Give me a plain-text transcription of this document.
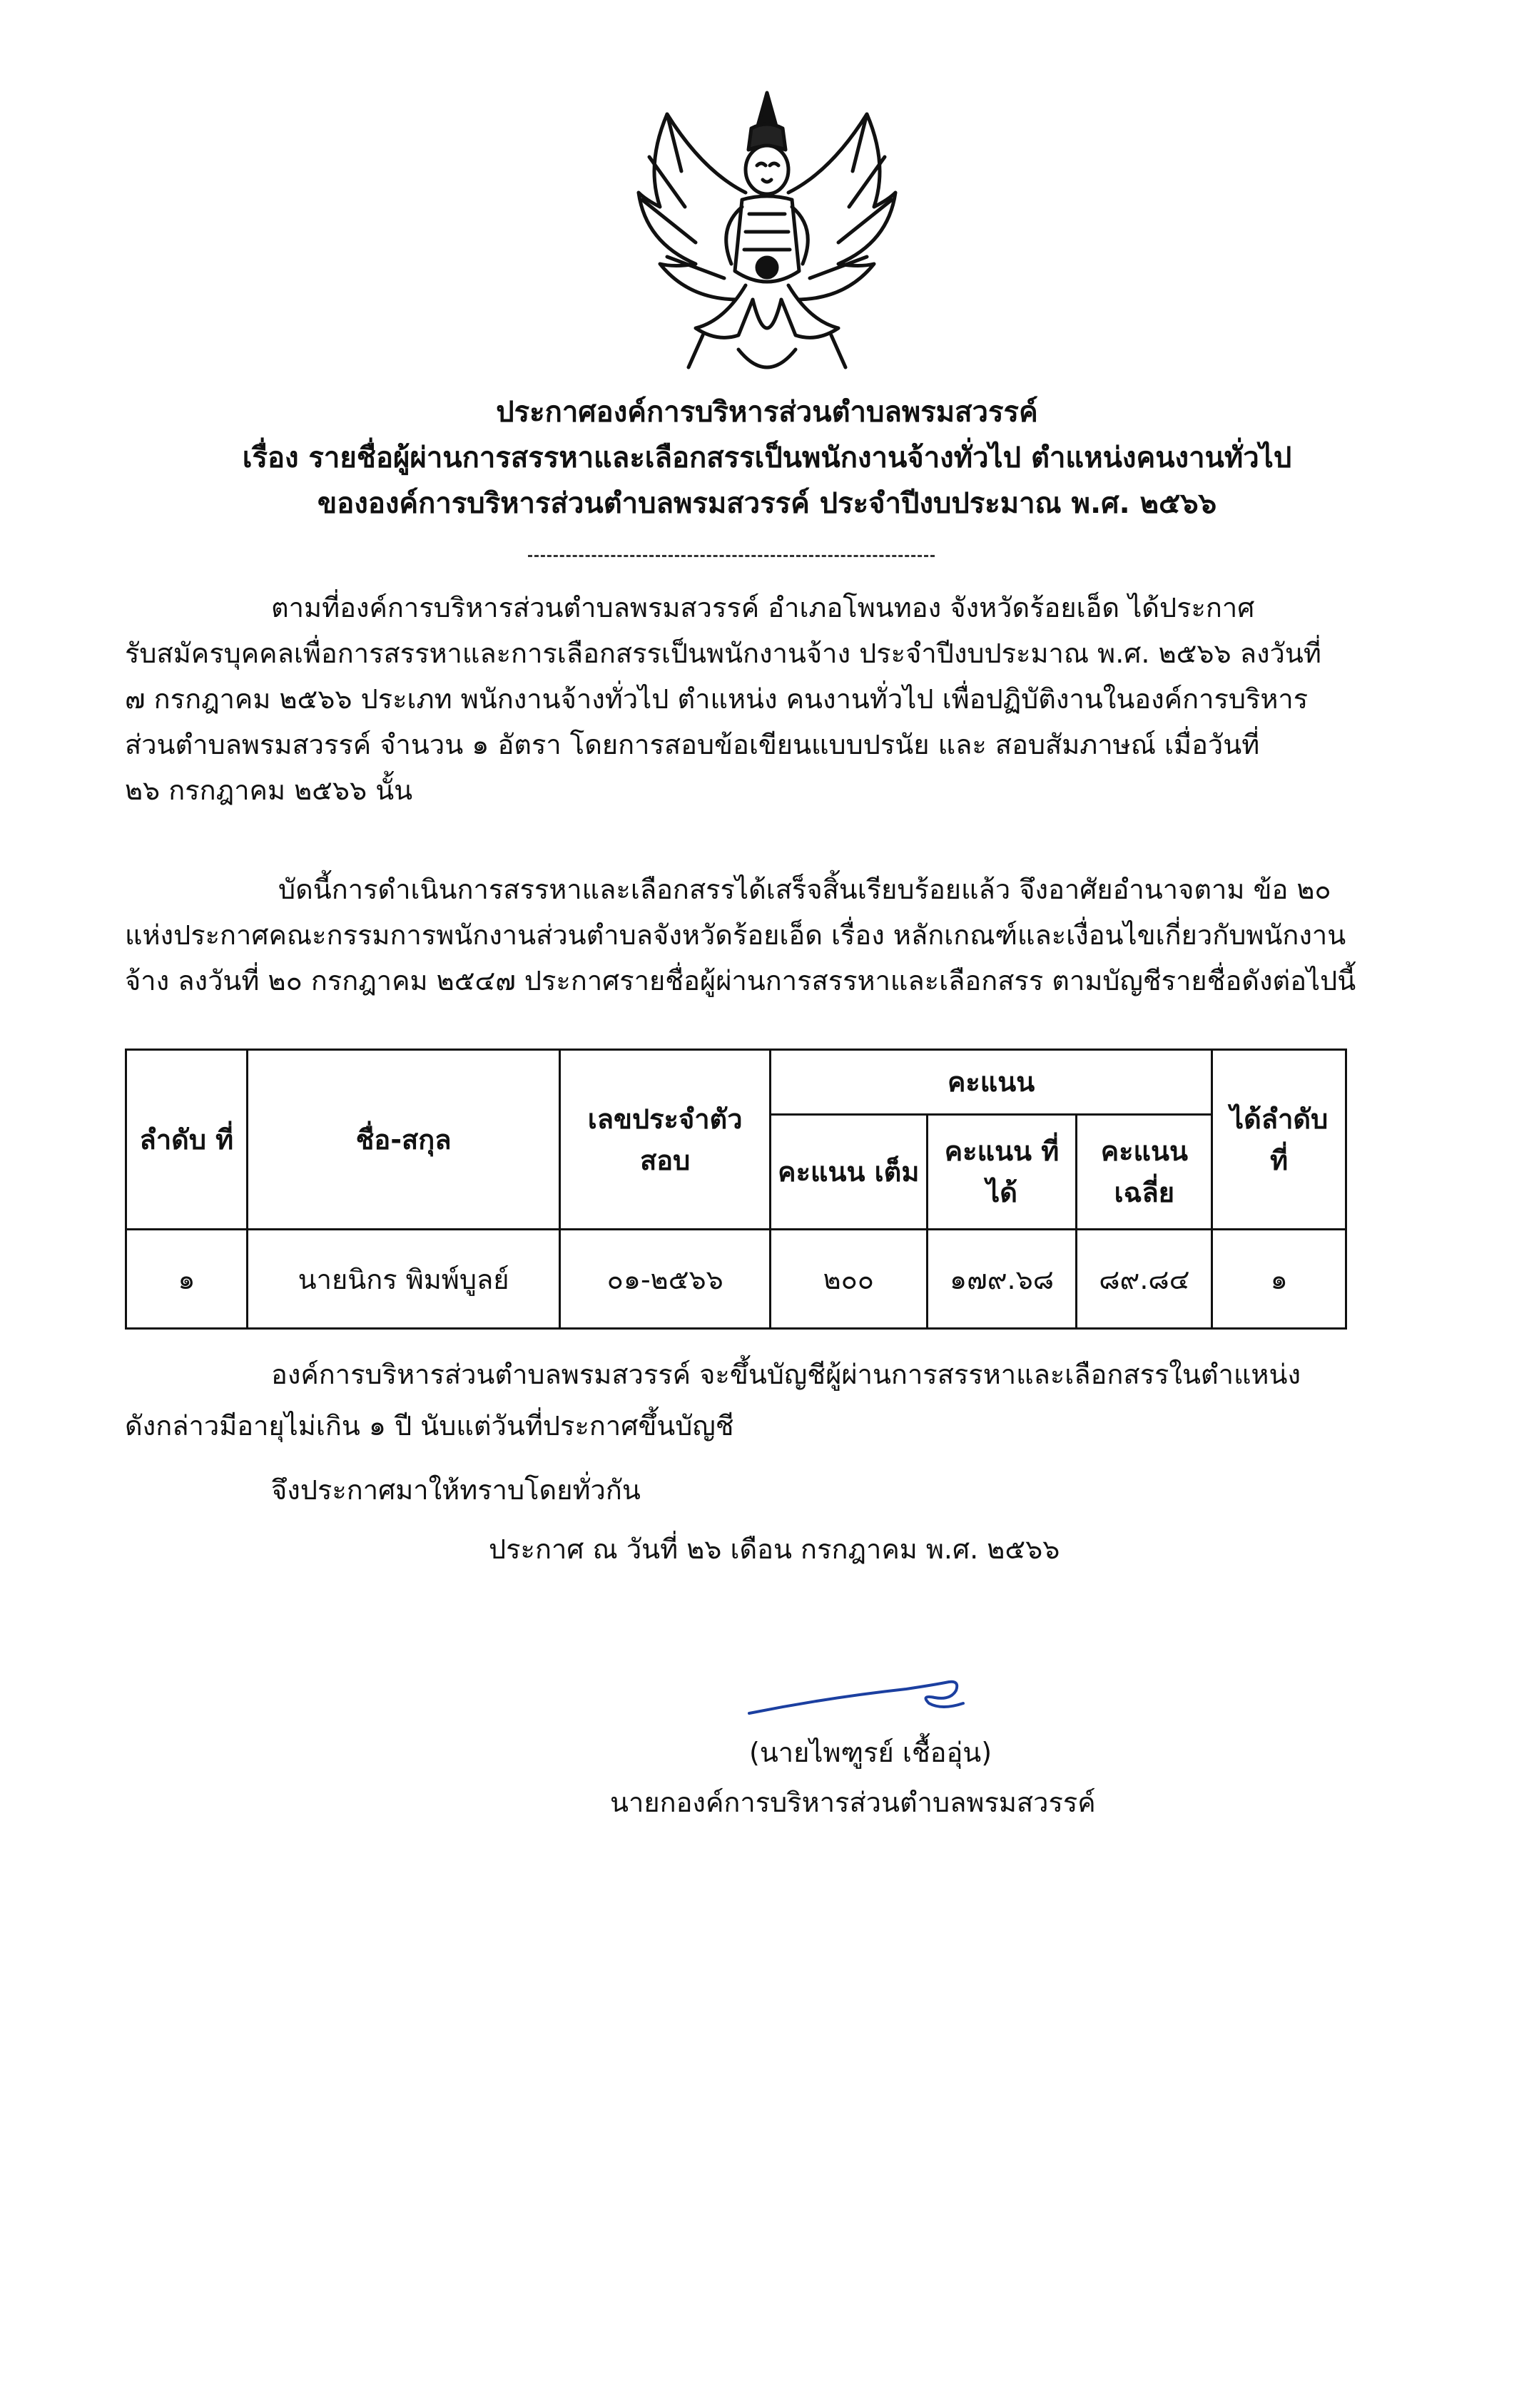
ประกาศองค์การบริหารส่วนตำบลพรมสวรรค์
เรื่อง รายชื่อผู้ผ่านการสรรหาและเลือกสรรเป็นพนักงานจ้างทั่วไป ตำแหน่งคนงานทั่วไป
ขององค์การบริหารส่วนตำบลพรมสวรรค์ ประจำปีงบประมาณ พ.ศ. ๒๕๖๖
ตามที่องค์การบริหารส่วนตำบลพรมสวรรค์ อำเภอโพนทอง จังหวัดร้อยเอ็ด ได้ประกาศ
รับสมัครบุคคลเพื่อการสรรหาและการเลือกสรรเป็นพนักงานจ้าง ประจำปีงบประมาณ พ.ศ. ๒๕๖๖ ลงวันที่
๗ กรกฎาคม ๒๕๖๖ ประเภท พนักงานจ้างทั่วไป ตำแหน่ง คนงานทั่วไป เพื่อปฏิบัติงานในองค์การบริหาร
ส่วนตำบลพรมสวรรค์ จำนวน ๑ อัตรา โดยการสอบข้อเขียนแบบปรนัย และ สอบสัมภาษณ์ เมื่อวันที่
๒๖ กรกฎาคม ๒๕๖๖ นั้น
บัดนี้การดำเนินการสรรหาและเลือกสรรได้เสร็จสิ้นเรียบร้อยแล้ว จึงอาศัยอำนาจตาม ข้อ ๒๐
แห่งประกาศคณะกรรมการพนักงานส่วนตำบลจังหวัดร้อยเอ็ด เรื่อง หลักเกณฑ์และเงื่อนไขเกี่ยวกับพนักงาน
จ้าง ลงวันที่ ๒๐ กรกฎาคม ๒๕๔๗ ประกาศรายชื่อผู้ผ่านการสรรหาและเลือกสรร ตามบัญชีรายชื่อดังต่อไปนี้
ลำดับ ที่	ชื่อ-สกุล	เลขประจำตัว สอบ	คะแนน			ได้ลำดับ ที่
			คะแนน เต็ม	คะแนน ที่ได้	คะแนน เฉลี่ย	
๑	นายนิกร พิมพ์บูลย์	๐๑-๒๕๖๖	๒๐๐	๑๗๙.๖๘	๘๙.๘๔	๑
องค์การบริหารส่วนตำบลพรมสวรรค์ จะขึ้นบัญชีผู้ผ่านการสรรหาและเลือกสรรในตำแหน่ง
ดังกล่าวมีอายุไม่เกิน ๑ ปี นับแต่วันที่ประกาศขึ้นบัญชี
จึงประกาศมาให้ทราบโดยทั่วกัน
ประกาศ ณ วันที่ ๒๖ เดือน กรกฎาคม พ.ศ. ๒๕๖๖
(นายไพฑูรย์ เชื้ออุ่น)
นายกองค์การบริหารส่วนตำบลพรมสวรรค์
